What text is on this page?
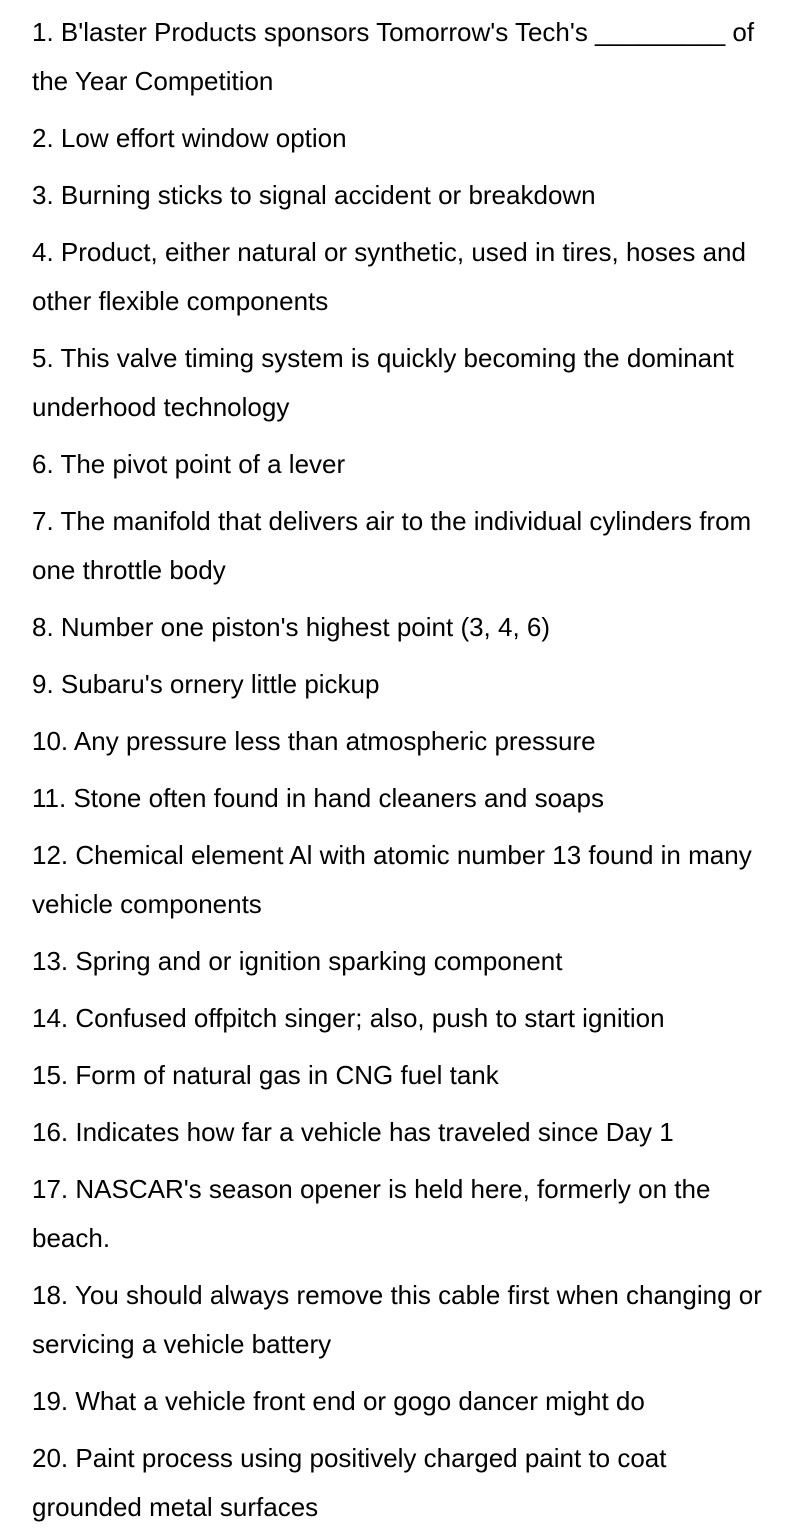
1. B'laster Products sponsors Tomorrow's Tech's _________ of the Year Competition
2. Low effort window option
3. Burning sticks to signal accident or breakdown
4. Product, either natural or synthetic, used in tires, hoses and other flexible components
5. This valve timing system is quickly becoming the dominant underhood technology
6. The pivot point of a lever
7. The manifold that delivers air to the individual cylinders from one throttle body
8. Number one piston's highest point (3, 4, 6)
9. Subaru's ornery little pickup
10. Any pressure less than atmospheric pressure
11. Stone often found in hand cleaners and soaps
12. Chemical element Al with atomic number 13 found in many vehicle components
13. Spring and or ignition sparking component
14. Confused offpitch singer; also, push to start ignition
15. Form of natural gas in CNG fuel tank
16. Indicates how far a vehicle has traveled since Day 1
17. NASCAR's season opener is held here, formerly on the beach.
18. You should always remove this cable first when changing or servicing a vehicle battery
19. What a vehicle front end or gogo dancer might do
20. Paint process using positively charged paint to coat grounded metal surfaces
